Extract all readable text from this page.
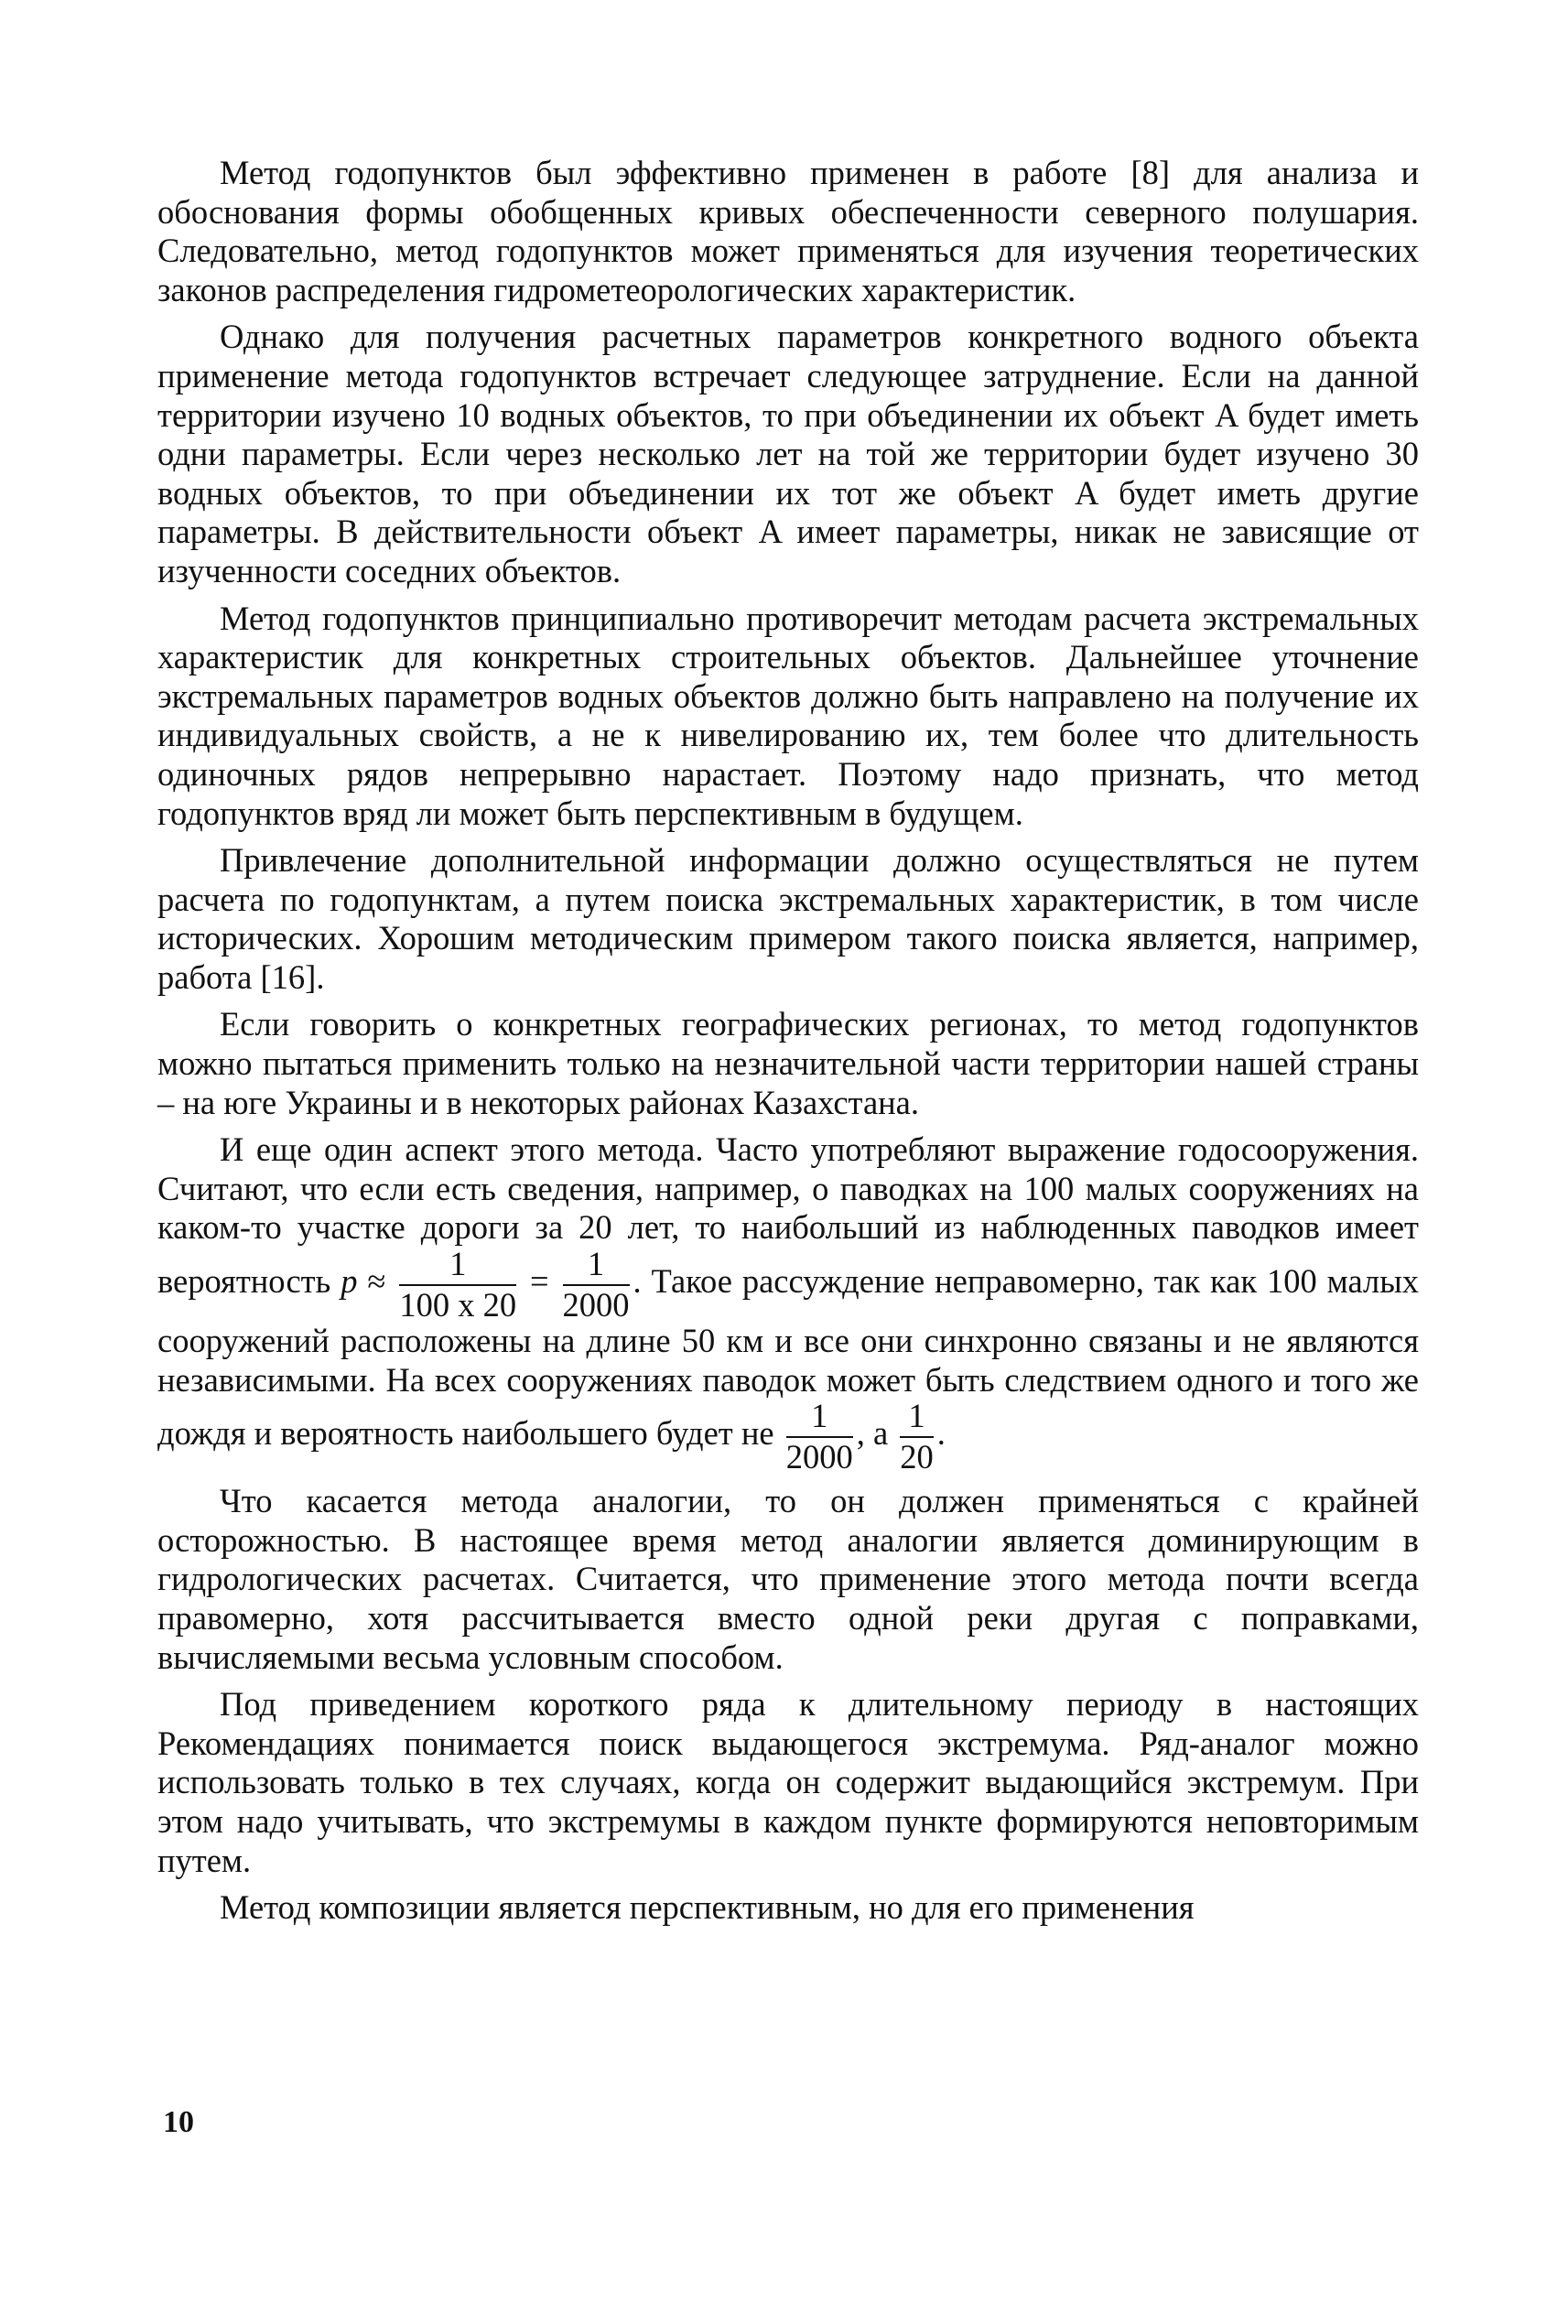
Метод годопунктов был эффективно применен в работе [8] для анализа и обоснования формы обобщенных кривых обеспеченности северного полушария. Следовательно, метод годопунктов может применяться для изучения теоретических законов распределения гидрометеорологических характеристик.

Однако для получения расчетных параметров конкретного водного объекта применение метода годопунктов встречает следующее затруднение. Если на данной территории изучено 10 водных объектов, то при объединении их объект A будет иметь одни параметры. Если через несколько лет на той же территории будет изучено 30 водных объектов, то при объединении их тот же объект A будет иметь другие параметры. В действительности объект A имеет параметры, никак не зависящие от изученности соседних объектов.

Метод годопунктов принципиально противоречит методам расчета экстремальных характеристик для конкретных строительных объектов. Дальнейшее уточнение экстремальных параметров водных объектов должно быть направлено на получение их индивидуальных свойств, а не к нивелированию их, тем более что длительность одиночных рядов непрерывно нарастает. Поэтому надо признать, что метод годопунктов вряд ли может быть перспективным в будущем.

Привлечение дополнительной информации должно осуществляться не путем расчета по годопунктам, а путем поиска экстремальных характеристик, в том числе исторических. Хорошим методическим примером такого поиска является, например, работа [16].

Если говорить о конкретных географических регионах, то метод годопунктов можно пытаться применить только на незначительной части территории нашей страны – на юге Украины и в некоторых районах Казахстана.

И еще один аспект этого метода. Часто употребляют выражение годосооружения. Считают, что если есть сведения, например, о паводках на 100 малых сооружениях на каком-то участке дороги за 20 лет, то наибольший из наблюденных паводков имеет вероятность $p \approx \frac{1}{100 x 20} = \frac{1}{2000}$ . Такое рассуждение неправомерно, так как 100 малых сооружений расположены на длине 50 км и все они синхронно связаны и не являются независимыми. На всех сооружениях паводок может быть следствием одного и того же дождя и вероятность наибольшего будет не $\frac{1}{2000}$ , а $\frac{1}{20}$ .

Что касается метода аналогии, то он должен применяться с крайней осторожностью. В настоящее время метод аналогии является доминирующим в гидрологических расчетах. Считается, что применение этого метода почти всегда правомерно, хотя рассчитывается вместо одной реки другая с поправками, вычисляемыми весьма условным способом.

Под приведением короткого ряда к длительному периоду в настоящих Рекомендациях понимается поиск выдающегося экстремума. Ряд-аналог можно использовать только в тех случаях, когда он содержит выдающийся экстремум. При этом надо учитывать, что экстремумы в каждом пункте формируются неповторимым путем.

Метод композиции является перспективным, но для его применения

10
